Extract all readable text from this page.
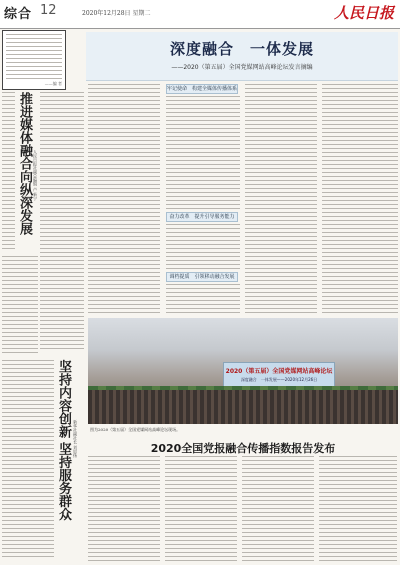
综合 12	2020年12月28日 星期二	人民日报
——编 者
推进媒体融合向纵深发展 人民日报社副总编辑 卢 新宁
坚持内容创新 坚持服务群众 新华社副社长 刘思扬
深度融合　一体发展
——2020（第五届）全国党媒网站高峰论坛发言摘编
牢记使命　构建全媒体传播体系
奋力改革　提升引导服务能力
调档提质　引领移动融合发展
2020（第五届）全国党媒网站高峰论坛
深度融合　一体发展——2020年12月26日
图为2020（第五届）全国党媒网站高峰论坛现场。
2020全国党报融合传播指数报告发布
